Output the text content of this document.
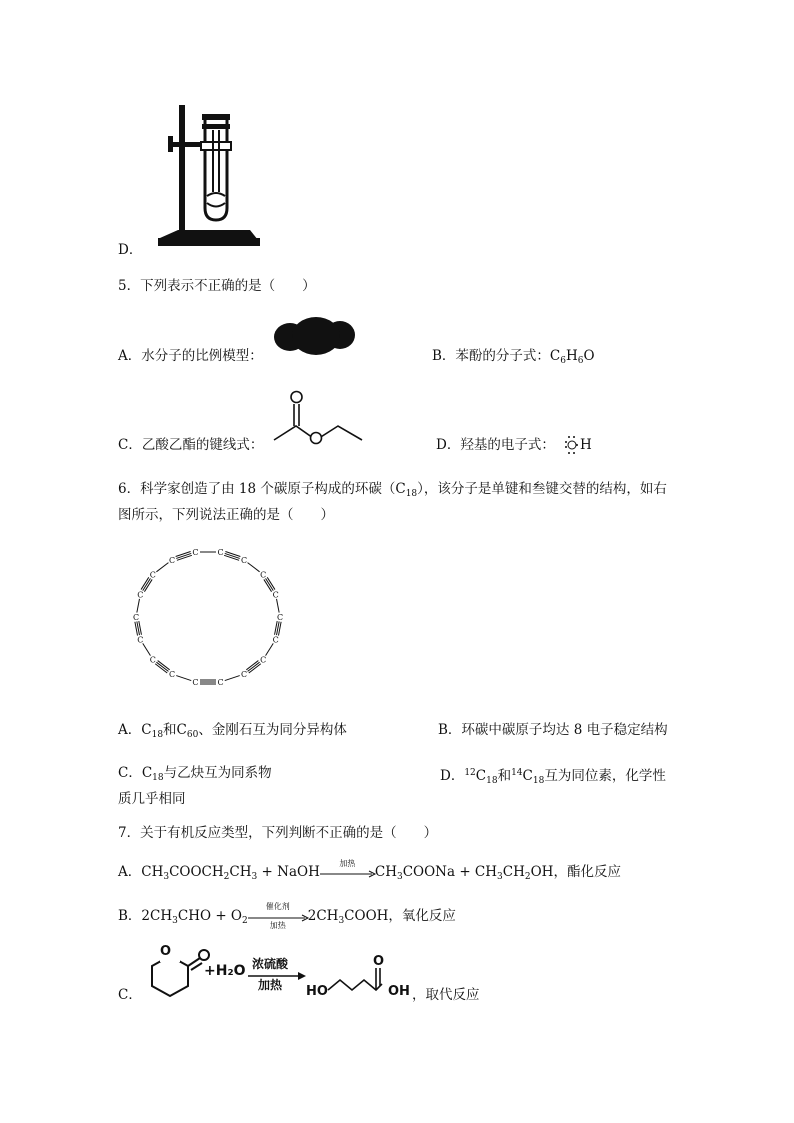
D．
5．下列表示不正确的是（　　）
A．水分子的比例模型：	B．苯酚的分子式：$C_6H_6O$
C．乙酸乙酯的键线式：	D．羟基的电子式： H
6．科学家创造了由 18 个碳原子构成的环碳$(C_{18})$，该分子是单键和叁键交替的结构，如右
图所示，下列说法正确的是（　　）
C
C
C
C
C
C
C
C
C
C
C
C
C
C
C
C
C
C
A．$C_{18}$和$C_{60}$、金刚石互为同分异构体	B．环碳中碳原子均达 8 电子稳定结构
C．$C_{18}$与乙炔互为同系物	D．$^{12}C_{18}$和$^{14}C_{18}$互为同位素，化学性
质几乎相同
7．关于有机反应类型，下列判断不正确的是（　　）
A．$CH_3COOCH_2CH_3$ + NaOH
加热
$CH_3COONa + CH_3CH_2OH$，酯化反应
B．$2CH_3CHO + O_2$
催化剂
加热
$2CH_3COOH$，氧化反应
C．
O
+H₂O 浓硫酸
加热 HO
O
OH ，取代反应
